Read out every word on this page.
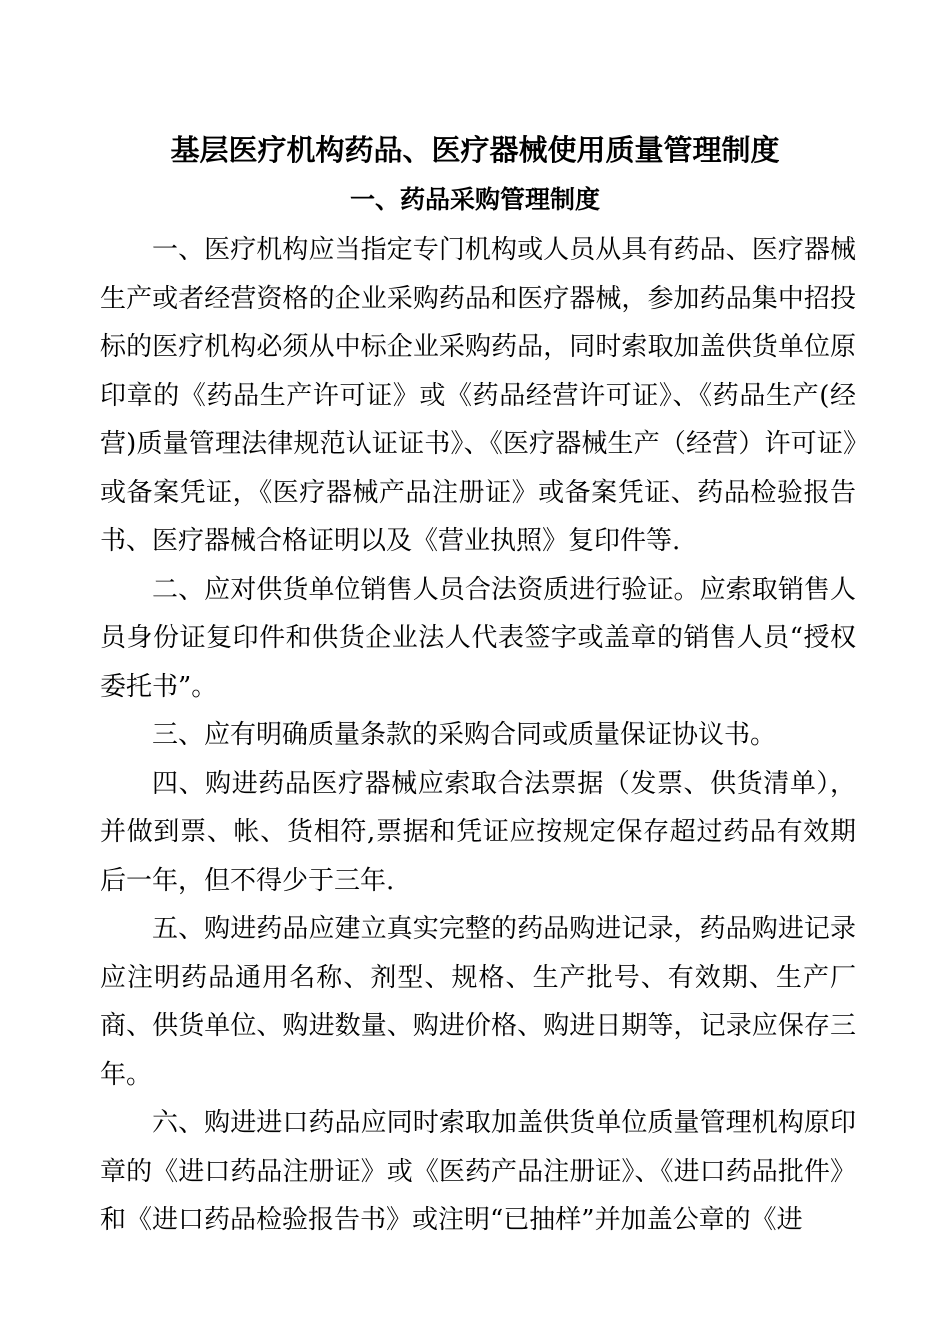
基层医疗机构药品、医疗器械使用质量管理制度
一、药品采购管理制度

一、医疗机构应当指定专门机构或人员从具有药品、医疗器械生产或者经营资格的企业采购药品和医疗器械，参加药品集中招投标的医疗机构必须从中标企业采购药品，同时索取加盖供货单位原印章的《药品生产许可证》或《药品经营许可证》、《药品生产(经营)质量管理法律规范认证证书》、《医疗器械生产（经营）许可证》或备案凭证，《医疗器械产品注册证》或备案凭证、药品检验报告书、医疗器械合格证明以及《营业执照》复印件等.

二、应对供货单位销售人员合法资质进行验证。应索取销售人员身份证复印件和供货企业法人代表签字或盖章的销售人员“授权委托书”。

三、应有明确质量条款的采购合同或质量保证协议书。

四、购进药品医疗器械应索取合法票据（发票、供货清单），并做到票、帐、货相符,票据和凭证应按规定保存超过药品有效期后一年，但不得少于三年.

五、购进药品应建立真实完整的药品购进记录，药品购进记录应注明药品通用名称、剂型、规格、生产批号、有效期、生产厂商、供货单位、购进数量、购进价格、购进日期等，记录应保存三年。

六、购进进口药品应同时索取加盖供货单位质量管理机构原印章的《进口药品注册证》或《医药产品注册证》、《进口药品批件》和《进口药品检验报告书》或注明“已抽样”并加盖公章的《进
